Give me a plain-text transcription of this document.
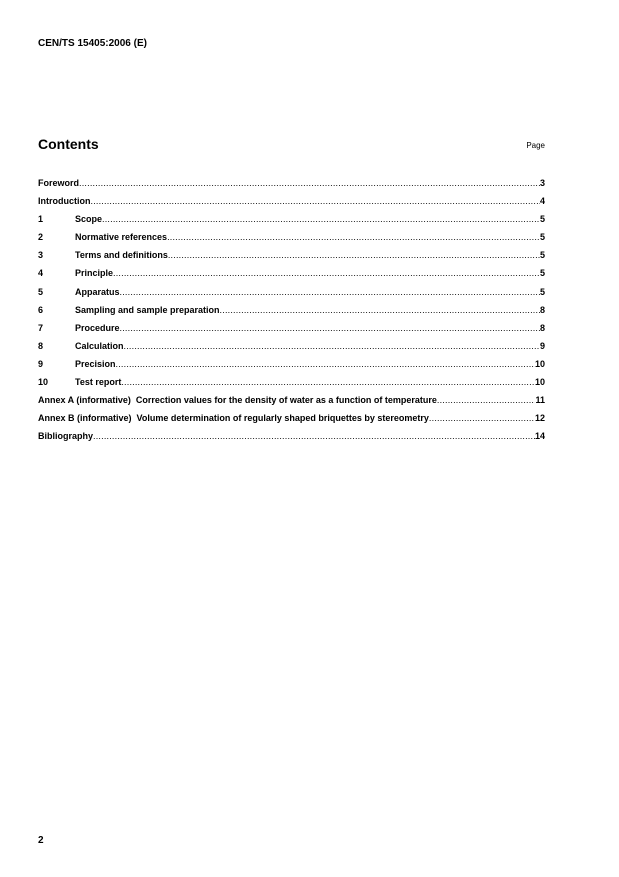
CEN/TS 15405:2006 (E)
Contents	Page
Foreword .....	3
Introduction .....	4
1	Scope .....	5
2	Normative references .....	5
3	Terms and definitions .....	5
4	Principle .....	5
5	Apparatus .....	5
6	Sampling and sample preparation .....	8
7	Procedure .....	8
8	Calculation .....	9
9	Precision .....	10
10	Test report .....	10
Annex A (informative)  Correction values for the density of water as a function of temperature .....	11
Annex B (informative)  Volume determination of regularly shaped briquettes by stereometry .....	12
Bibliography .....	14
2
